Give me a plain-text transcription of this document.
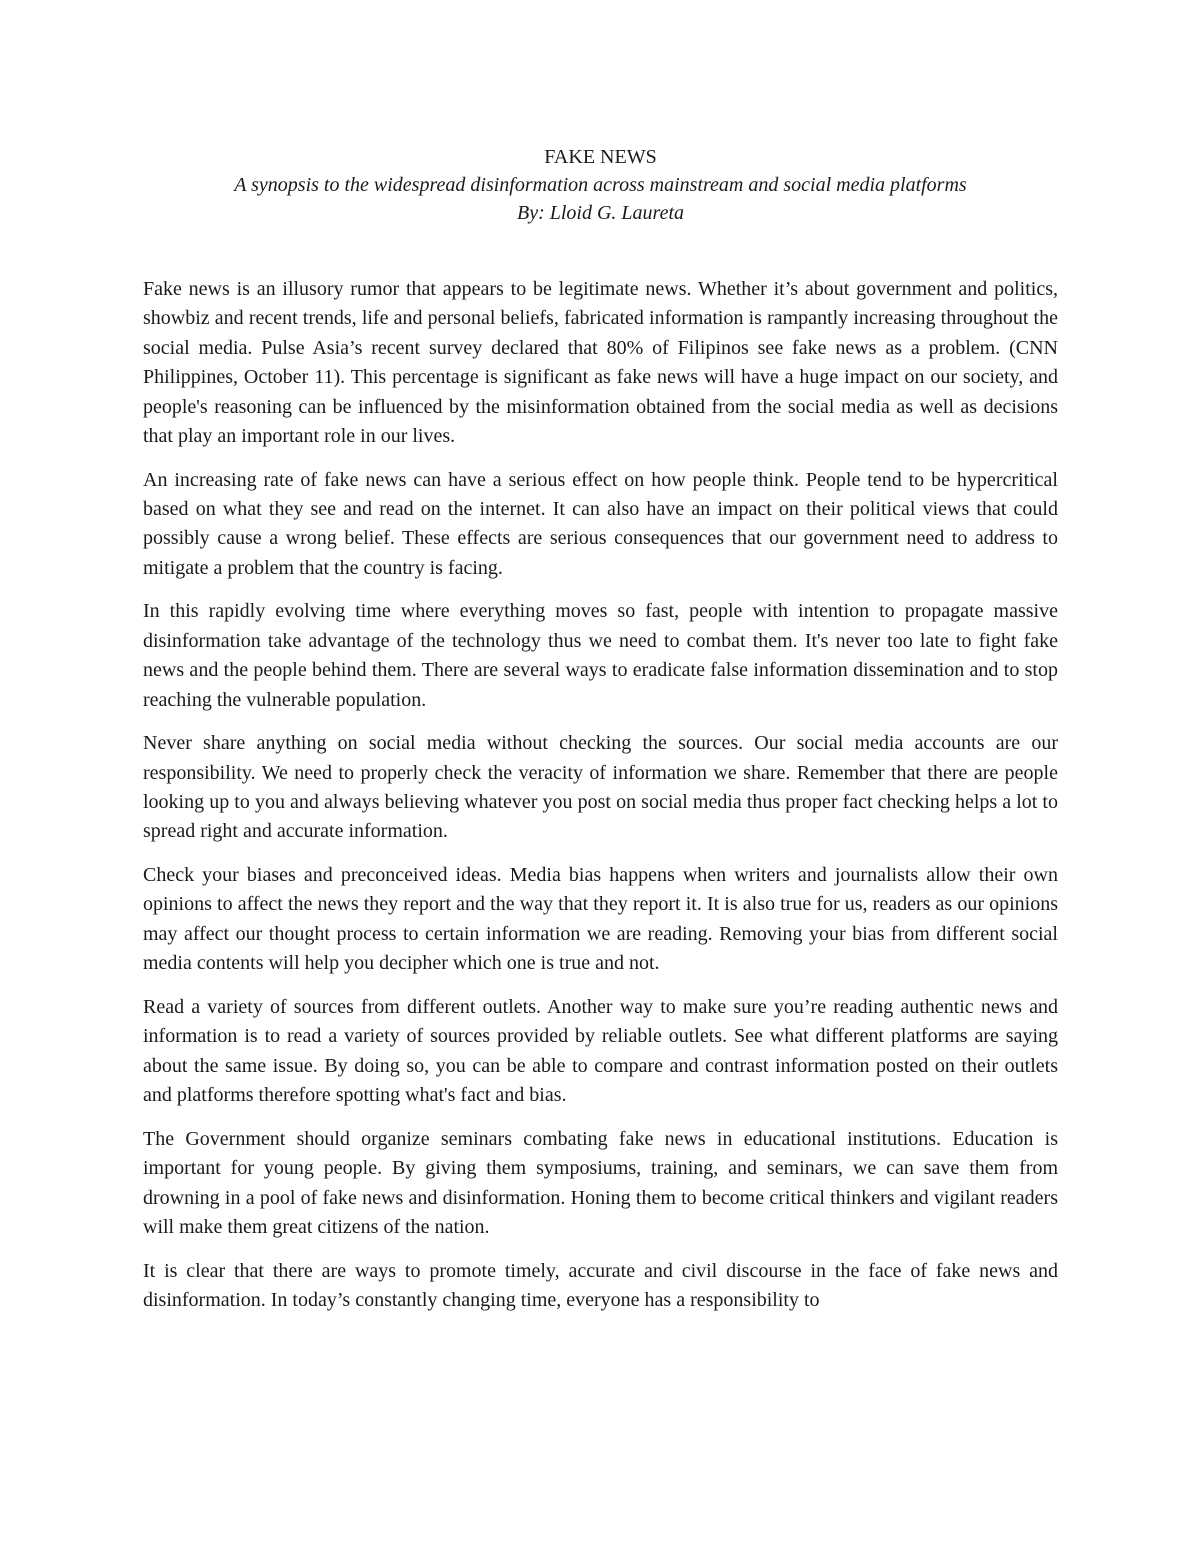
FAKE NEWS
A synopsis to the widespread disinformation across mainstream and social media platforms
By: Lloid G. Laureta

Fake news is an illusory rumor that appears to be legitimate news. Whether it’s about government and politics, showbiz and recent trends, life and personal beliefs, fabricated information is rampantly increasing throughout the social media. Pulse Asia’s recent survey declared that 80% of Filipinos see fake news as a problem. (CNN Philippines, October 11). This percentage is significant as fake news will have a huge impact on our society, and people's reasoning can be influenced by the misinformation obtained from the social media as well as decisions that play an important role in our lives.

An increasing rate of fake news can have a serious effect on how people think. People tend to be hypercritical based on what they see and read on the internet. It can also have an impact on their political views that could possibly cause a wrong belief. These effects are serious consequences that our government need to address to mitigate a problem that the country is facing.

In this rapidly evolving time where everything moves so fast, people with intention to propagate massive disinformation take advantage of the technology thus we need to combat them. It's never too late to fight fake news and the people behind them. There are several ways to eradicate false information dissemination and to stop reaching the vulnerable population.

Never share anything on social media without checking the sources. Our social media accounts are our responsibility. We need to properly check the veracity of information we share. Remember that there are people looking up to you and always believing whatever you post on social media thus proper fact checking helps a lot to spread right and accurate information.

Check your biases and preconceived ideas. Media bias happens when writers and journalists allow their own opinions to affect the news they report and the way that they report it. It is also true for us, readers as our opinions may affect our thought process to certain information we are reading. Removing your bias from different social media contents will help you decipher which one is true and not.

Read a variety of sources from different outlets. Another way to make sure you’re reading authentic news and information is to read a variety of sources provided by reliable outlets. See what different platforms are saying about the same issue. By doing so, you can be able to compare and contrast information posted on their outlets and platforms therefore spotting what's fact and bias.

The Government should organize seminars combating fake news in educational institutions. Education is important for young people. By giving them symposiums, training, and seminars, we can save them from drowning in a pool of fake news and disinformation. Honing them to become critical thinkers and vigilant readers will make them great citizens of the nation.

It is clear that there are ways to promote timely, accurate and civil discourse in the face of fake news and disinformation. In today’s constantly changing time, everyone has a responsibility to
